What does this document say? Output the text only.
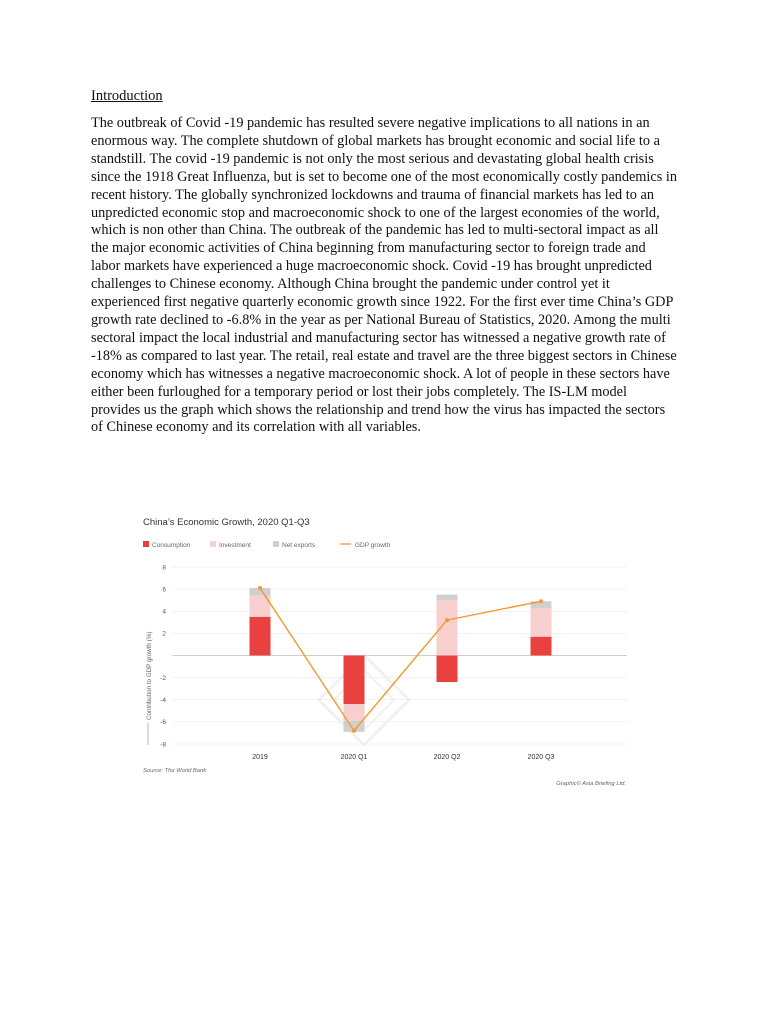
Introduction

The outbreak of Covid -19 pandemic has resulted severe negative implications to all nations in an enormous way. The complete shutdown of global markets has brought economic and social life to a standstill. The covid -19 pandemic is not only the most serious and devastating global health crisis since the 1918 Great Influenza, but is set to become one of the most economically costly pandemics in recent history. The globally synchronized lockdowns and trauma of financial markets has led to an unpredicted economic stop and macroeconomic shock to one of the largest economies of the world, which is non other than China. The outbreak of the pandemic has led to multi-sectoral impact as all the major economic activities of China beginning from manufacturing sector to foreign trade and labor markets have experienced a huge macroeconomic shock. Covid -19 has brought unpredicted challenges to Chinese economy. Although China brought the pandemic under control yet it experienced first negative quarterly economic growth since 1922. For the first ever time China’s GDP growth rate declined to -6.8% in the year as per National Bureau of Statistics, 2020. Among the multi sectoral impact the local industrial and manufacturing sector has witnessed a negative growth rate of -18% as compared to last year. The retail, real estate and travel are the three biggest sectors in Chinese economy which has witnesses a negative macroeconomic shock. A lot of people in these sectors have either been furloughed for a temporary period or lost their jobs completely. The IS-LM model provides us the graph which shows the relationship and trend how the virus has impacted the sectors of Chinese economy and its correlation with all variables.

China’s Economic Growth, 2020 Q1-Q3
Consumption	Investment	Net exports	GDP growth
Contribution to GDP growth (%)
8
6
4
2
-2
-4
-6
-8
2019	2020 Q1	2020 Q2	2020 Q3
Source: The World Bank
Graphic© Asia Briefing Ltd.
